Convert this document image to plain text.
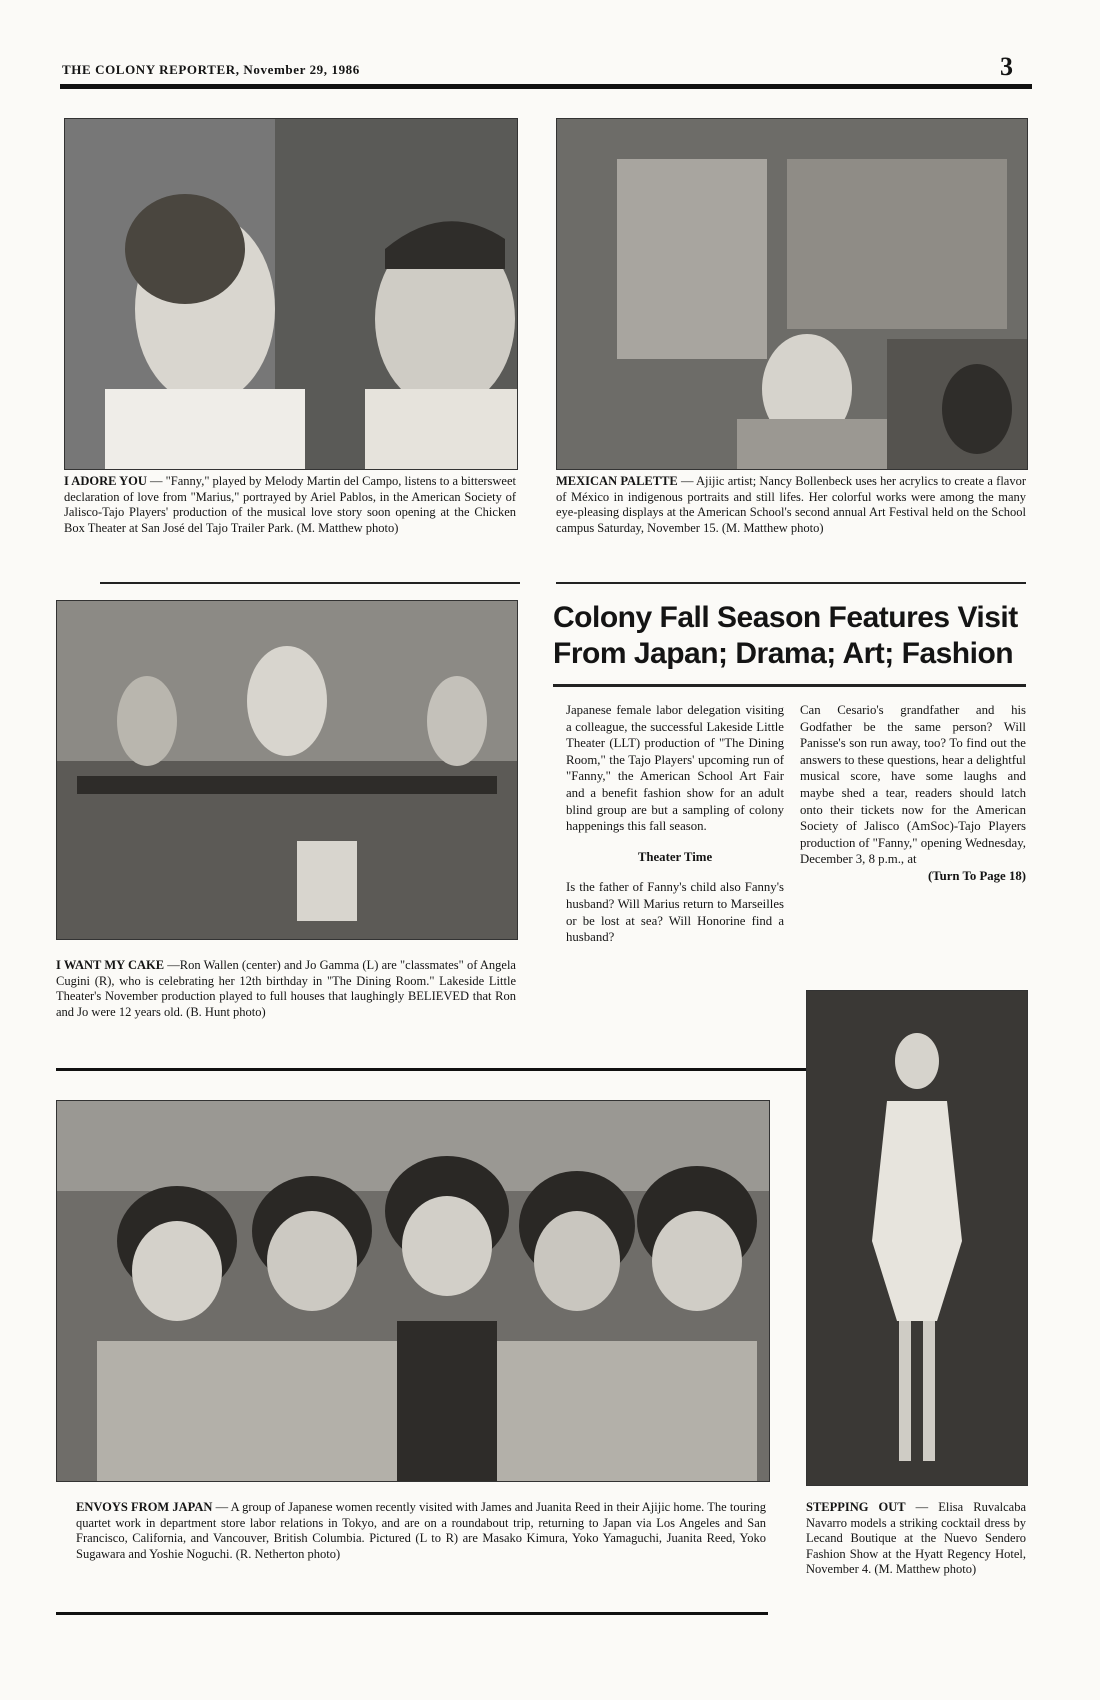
THE COLONY REPORTER, November 29, 1986	3
I ADORE YOU — "Fanny," played by Melody Martin del Campo, listens to a bittersweet declaration of love from "Marius," portrayed by Ariel Pablos, in the American Society of Jalisco-Tajo Players' production of the musical love story soon opening at the Chicken Box Theater at San José del Tajo Trailer Park. (M. Matthew photo)
MEXICAN PALETTE — Ajijic artist; Nancy Bollenbeck uses her acrylics to create a flavor of México in indigenous portraits and still lifes. Her colorful works were among the many eye-pleasing displays at the American School's second annual Art Festival held on the School campus Saturday, November 15. (M. Matthew photo)
I WANT MY CAKE —Ron Wallen (center) and Jo Gamma (L) are "classmates" of Angela Cugini (R), who is celebrating her 12th birthday in "The Dining Room." Lakeside Little Theater's November production played to full houses that laughingly BELIEVED that Ron and Jo were 12 years old. (B. Hunt photo)
Colony Fall Season Features Visit From Japan; Drama; Art; Fashion

Japanese female labor delegation visiting a colleague, the successful Lakeside Little Theater (LLT) production of "The Dining Room," the Tajo Players' upcoming run of "Fanny," the American School Art Fair and a benefit fashion show for an adult blind group are but a sampling of colony happenings this fall season.

Theater Time

Is the father of Fanny's child also Fanny's husband? Will Marius return to Marseilles or be lost at sea? Will Honorine find a husband?

Can Cesario's grandfather and his Godfather be the same person? Will Panisse's son run away, too? To find out the answers to these questions, hear a delightful musical score, have some laughs and maybe shed a tear, readers should latch onto their tickets now for the American Society of Jalisco (AmSoc)-Tajo Players production of "Fanny," opening Wednesday, December 3, 8 p.m., at

(Turn To Page 18)

ENVOYS FROM JAPAN — A group of Japanese women recently visited with James and Juanita Reed in their Ajijic home. The touring quartet work in department store labor relations in Tokyo, and are on a roundabout trip, returning to Japan via Los Angeles and San Francisco, California, and Vancouver, British Columbia. Pictured (L to R) are Masako Kimura, Yoko Yamaguchi, Juanita Reed, Yoko Sugawara and Yoshie Noguchi. (R. Netherton photo)
STEPPING OUT — Elisa Ruvalcaba Navarro models a striking cocktail dress by Lecand Boutique at the Nuevo Sendero Fashion Show at the Hyatt Regency Hotel, November 4. (M. Matthew photo)
